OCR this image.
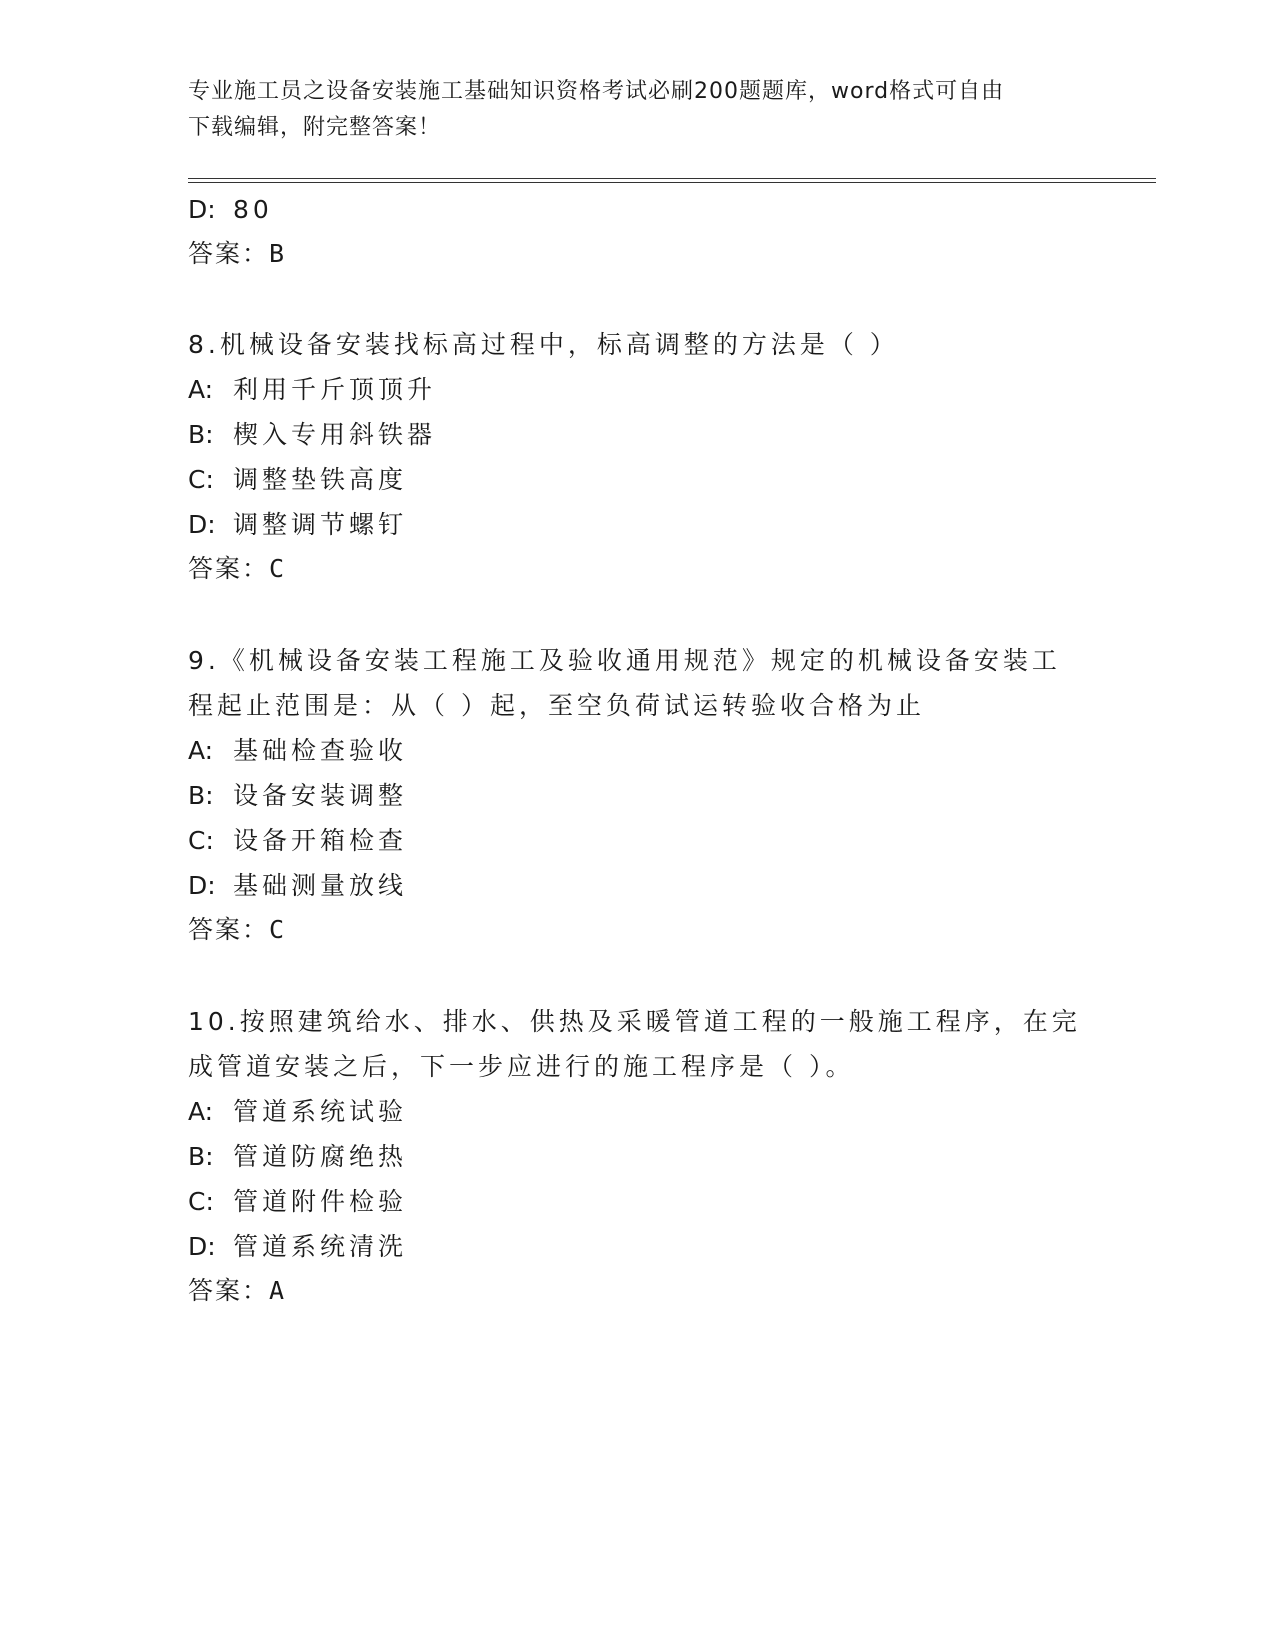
专业施工员之设备安装施工基础知识资格考试必刷200题题库，word格式可自由
下载编辑，附完整答案！
D: 80
答案：B
8.机械设备安装找标高过程中，标高调整的方法是（ ）
A: 利用千斤顶顶升
B: 楔入专用斜铁器
C: 调整垫铁高度
D: 调整调节螺钉
答案：C
9.《机械设备安装工程施工及验收通用规范》规定的机械设备安装工
程起止范围是：从（ ）起，至空负荷试运转验收合格为止
A: 基础检查验收
B: 设备安装调整
C: 设备开箱检查
D: 基础测量放线
答案：C
10.按照建筑给水、排水、供热及采暖管道工程的一般施工程序，在完
成管道安装之后，下一步应进行的施工程序是（ ）。
A: 管道系统试验
B: 管道防腐绝热
C: 管道附件检验
D: 管道系统清洗
答案：A
